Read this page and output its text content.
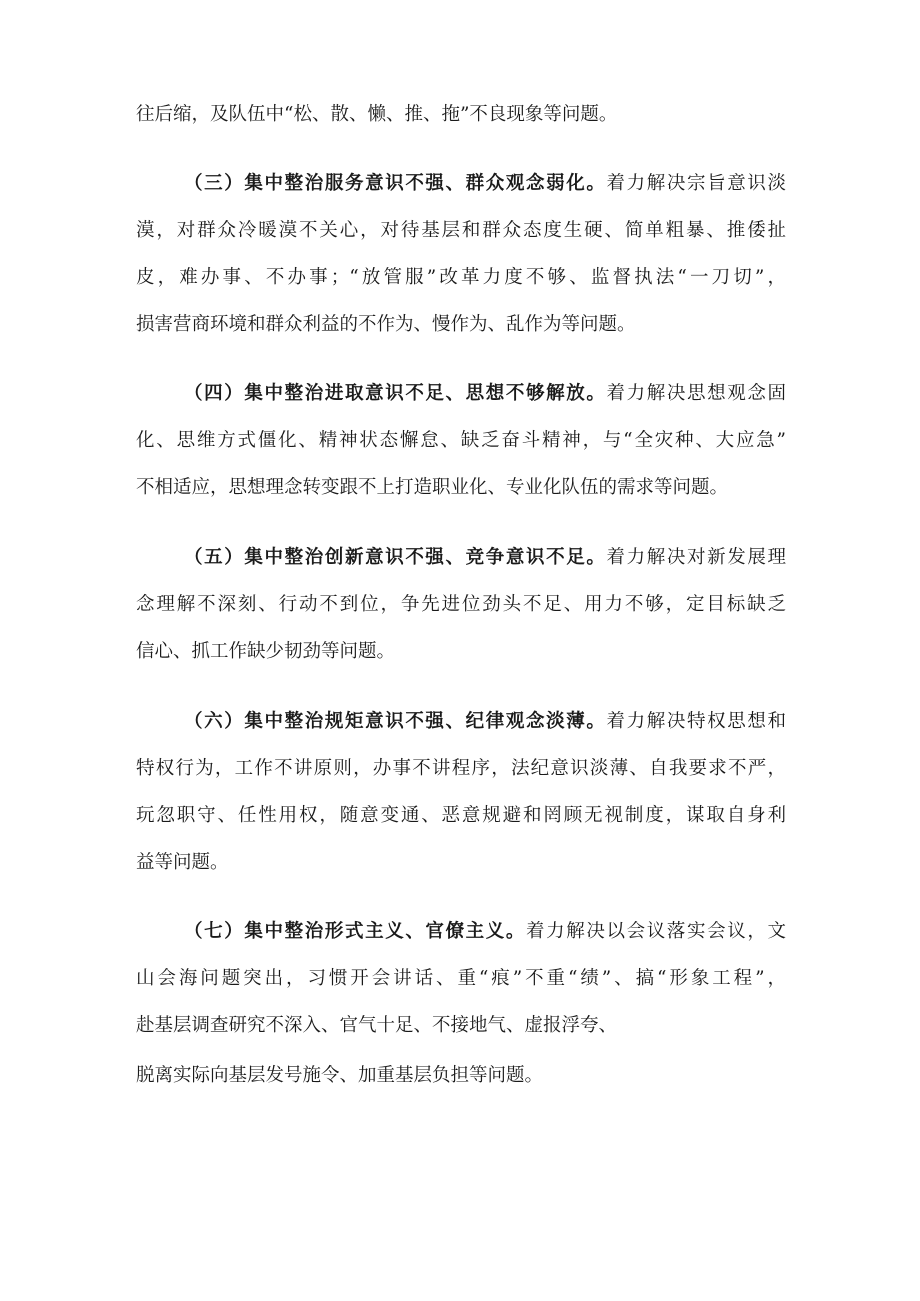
往后缩，及队伍中“松、散、懒、推、拖”不良现象等问题。
（三）集中整治服务意识不强、群众观念弱化。着力解决宗旨意识淡
漠，对群众冷暖漠不关心，对待基层和群众态度生硬、简单粗暴、推倭扯
皮，难办事、不办事；“放管服”改革力度不够、监督执法“一刀切”，
损害营商环境和群众利益的不作为、慢作为、乱作为等问题。
（四）集中整治进取意识不足、思想不够解放。着力解决思想观念固
化、思维方式僵化、精神状态懈怠、缺乏奋斗精神，与“全灾种、大应急”
不相适应，思想理念转变跟不上打造职业化、专业化队伍的需求等问题。
（五）集中整治创新意识不强、竞争意识不足。着力解决对新发展理
念理解不深刻、行动不到位，争先进位劲头不足、用力不够，定目标缺乏
信心、抓工作缺少韧劲等问题。
（六）集中整治规矩意识不强、纪律观念淡薄。着力解决特权思想和
特权行为，工作不讲原则，办事不讲程序，法纪意识淡薄、自我要求不严，
玩忽职守、任性用权，随意变通、恶意规避和罔顾无视制度，谋取自身利
益等问题。
（七）集中整治形式主义、官僚主义。着力解决以会议落实会议，文
山会海问题突出，习惯开会讲话、重“痕”不重“绩”、搞“形象工程”，
赴基层调查研究不深入、官气十足、不接地气、虚报浮夸、
脱离实际向基层发号施令、加重基层负担等问题。
